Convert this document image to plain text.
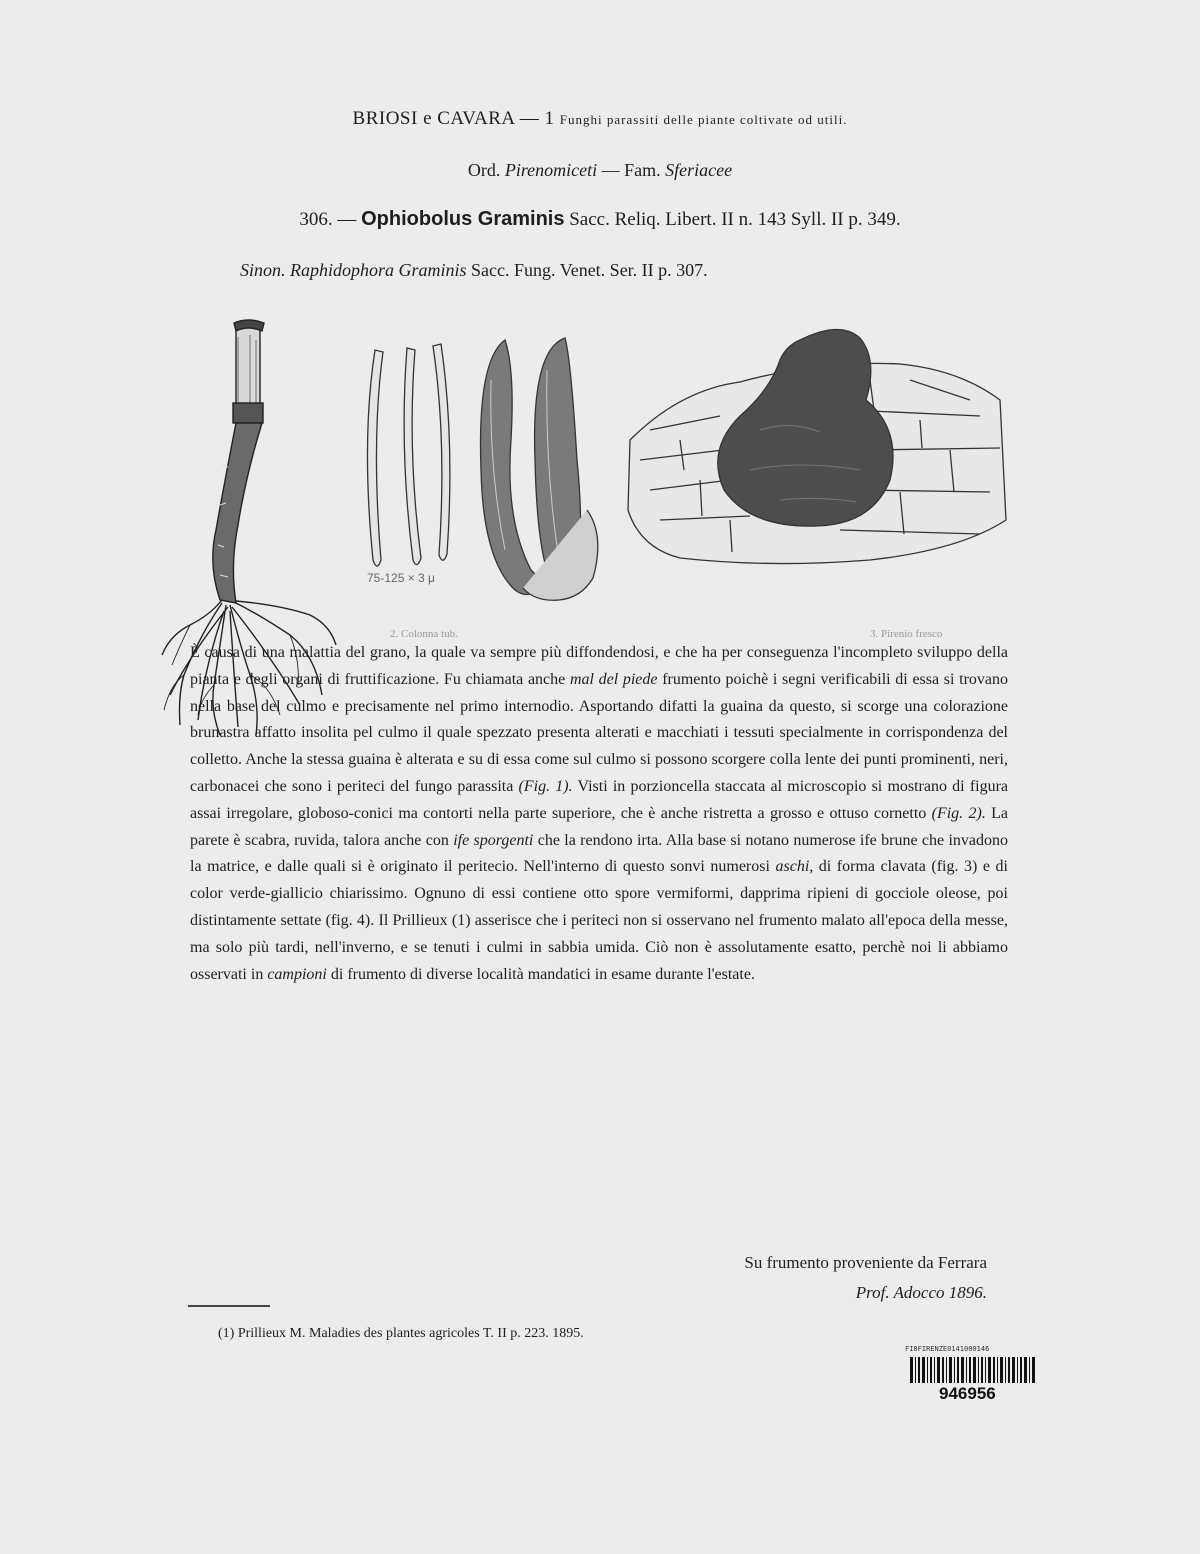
BRIOSI e CAVARA — 1 Funghi parassiti delle piante coltivate od utili.
Ord. Pirenomiceti — Fam. Sferiacee
306. — Ophiobolus Graminis Sacc. Reliq. Libert. II n. 143 Syll. II p. 349.
Sinon. Raphidophora Graminis Sacc. Fung. Venet. Ser. II p. 307.
75-125 × 3 μ
2. Colonna tub.	3. Pirenio fresco

È causa di una malattia del grano, la quale va sempre più diffondendosi, e che ha per conseguenza l'incompleto sviluppo della pianta e degli organi di fruttificazione. Fu chiamata anche mal del piede frumento poichè i segni verificabili di essa si trovano nella base del culmo e precisamente nel primo internodio. Asportando difatti la guaina da questo, si scorge una colorazione brunastra affatto insolita pel culmo il quale spezzato presenta alterati e macchiati i tessuti specialmente in corrispondenza del colletto. Anche la stessa guaina è alterata e su di essa come sul culmo si possono scorgere colla lente dei punti prominenti, neri, carbonacei che sono i periteci del fungo parassita (Fig. 1). Visti in porzioncella staccata al microscopio si mostrano di figura assai irregolare, globoso-conici ma contorti nella parte superiore, che è anche ristretta a grosso e ottuso cornetto (Fig. 2). La parete è scabra, ruvida, talora anche con ife sporgenti che la rendono irta. Alla base si notano numerose ife brune che invadono la matrice, e dalle quali si è originato il peritecio. Nell'interno di questo sonvi numerosi aschi, di forma clavata (fig. 3) e di color verde-giallicio chiarissimo. Ognuno di essi contiene otto spore vermiformi, dapprima ripieni di gocciole oleose, poi distintamente settate (fig. 4). Il Prillieux (1) asserisce che i periteci non si osservano nel frumento malato all'epoca della messe, ma solo più tardi, nell'inverno, e se tenuti i culmi in sabbia umida. Ciò non è assolutamente esatto, perchè noi li abbiamo osservati in campioni di frumento di diverse località mandatici in esame durante l'estate.

Su frumento proveniente da Ferrara
Prof. Adocco 1896.
(1) Prillieux M. Maladies des plantes agricoles T. II p. 223. 1895.
FI0FIRENZE0141000146
946956
